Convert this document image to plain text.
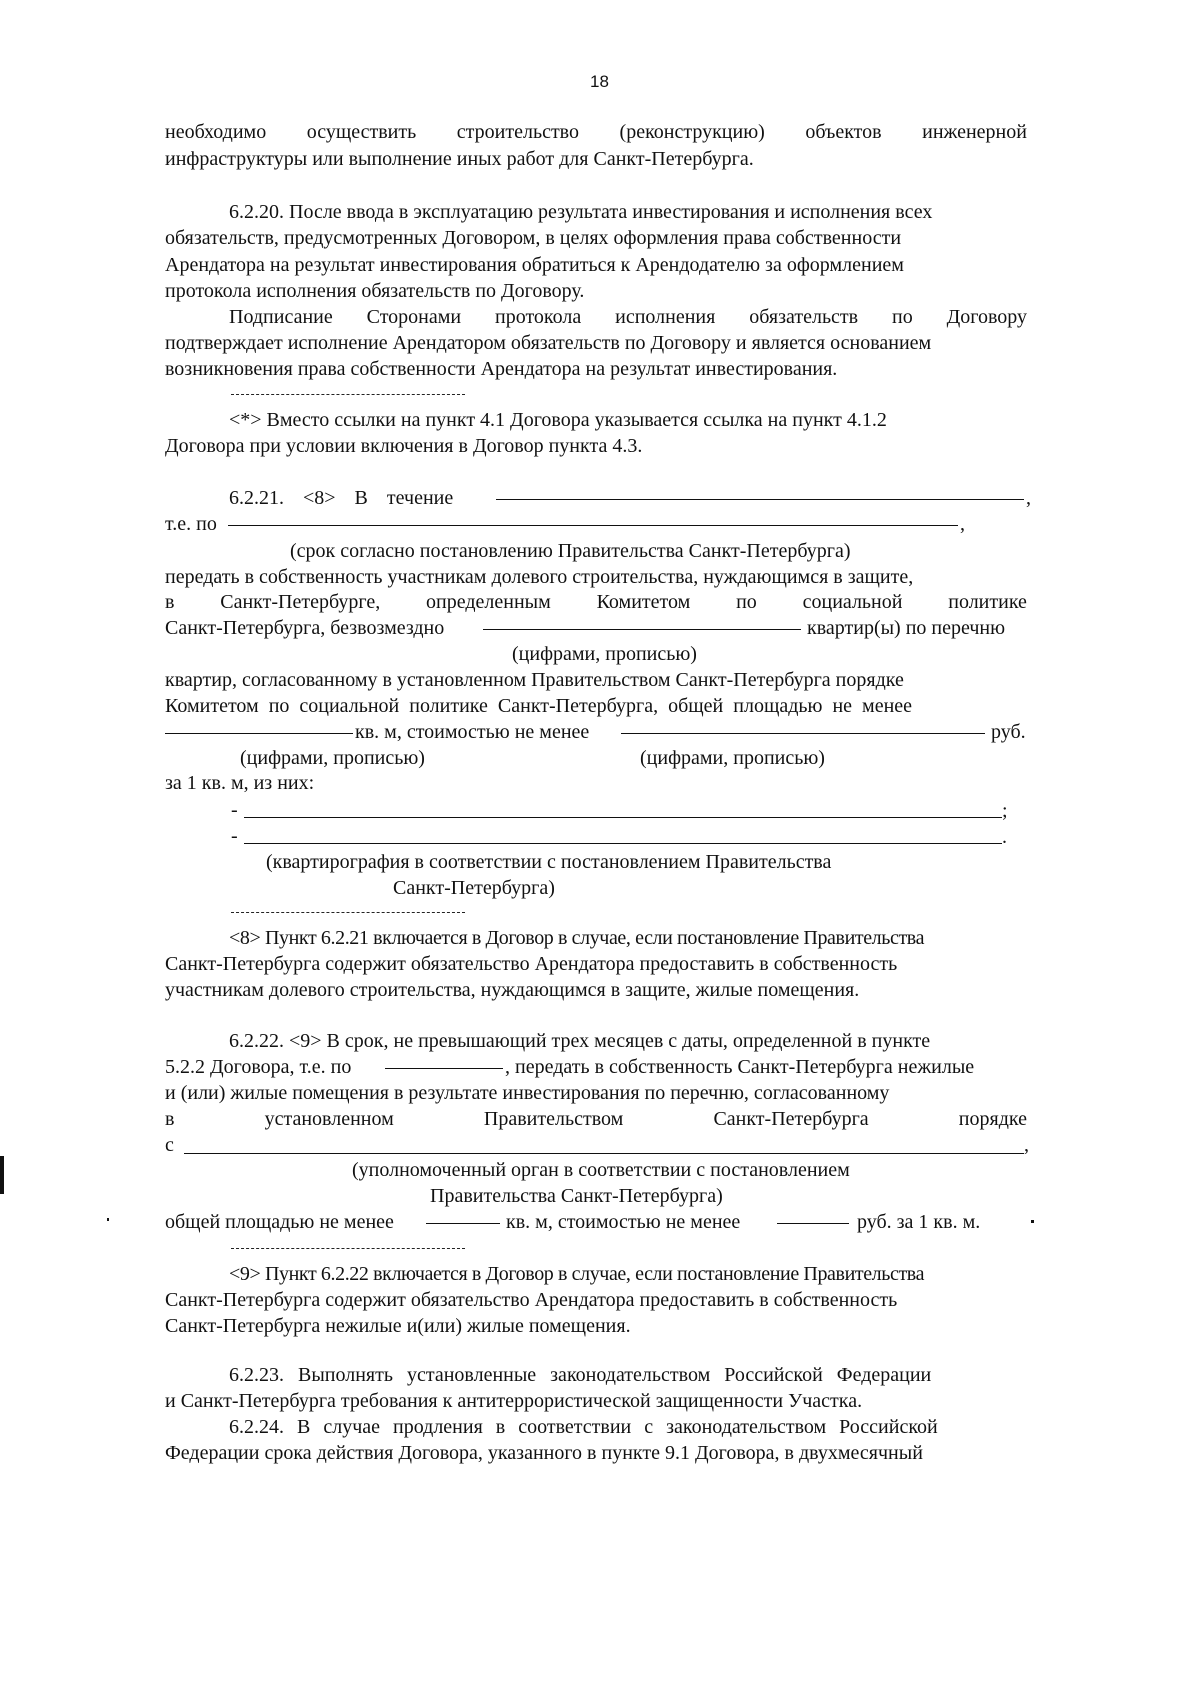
18
необходимо осуществить строительство (реконструкцию) объектов инженерной
инфраструктуры или выполнение иных работ для Санкт-Петербурга.
6.2.20. После ввода в эксплуатацию результата инвестирования и исполнения всех
обязательств, предусмотренных Договором, в целях оформления права собственности
Арендатора на результат инвестирования обратиться к Арендодателю за оформлением
протокола исполнения обязательств по Договору.
Подписание Сторонами протокола исполнения обязательств по Договору
подтверждает исполнение Арендатором обязательств по Договору и является основанием
возникновения права собственности Арендатора на результат инвестирования.
<*> Вместо ссылки на пункт 4.1 Договора указывается ссылка на пункт 4.1.2
Договора при условии включения в Договор пункта 4.3.
6.2.21. <8> В течение	,
т.е. по	,
(срок согласно постановлению Правительства Санкт-Петербурга)
передать в собственность участникам долевого строительства, нуждающимся в защите,
в Санкт-Петербурге, определенным Комитетом по социальной политике
Санкт-Петербурга, безвозмездно	квартир(ы) по перечню
(цифрами, прописью)
квартир, согласованному в установленном Правительством Санкт-Петербурга порядке
Комитетом по социальной политике Санкт-Петербурга, общей площадью не менее
кв. м, стоимостью не менее	руб.
(цифрами, прописью)	(цифрами, прописью)
за 1 кв. м, из них:
-	;
-	.
(квартирография в соответствии с постановлением Правительства
Санкт-Петербурга)
<8> Пункт 6.2.21 включается в Договор в случае, если постановление Правительства
Санкт-Петербурга содержит обязательство Арендатора предоставить в собственность
участникам долевого строительства, нуждающимся в защите, жилые помещения.
6.2.22. <9> В срок, не превышающий трех месяцев с даты, определенной в пункте
5.2.2 Договора, т.е. по	, передать в собственность Санкт-Петербурга нежилые
и (или) жилые помещения в результате инвестирования по перечню, согласованному
в	установленном	Правительством	Санкт-Петербурга	порядке
с	,
(уполномоченный орган в соответствии с постановлением
Правительства Санкт-Петербурга)
общей площадью не менее	кв. м, стоимостью не менее	руб. за 1 кв. м.
<9> Пункт 6.2.22 включается в Договор в случае, если постановление Правительства
Санкт-Петербурга содержит обязательство Арендатора предоставить в собственность
Санкт-Петербурга нежилые и(или) жилые помещения.
6.2.23. Выполнять установленные законодательством Российской Федерации
и Санкт-Петербурга требования к антитеррористической защищенности Участка.
6.2.24. В случае продления в соответствии с законодательством Российской
Федерации срока действия Договора, указанного в пункте 9.1 Договора, в двухмесячный
